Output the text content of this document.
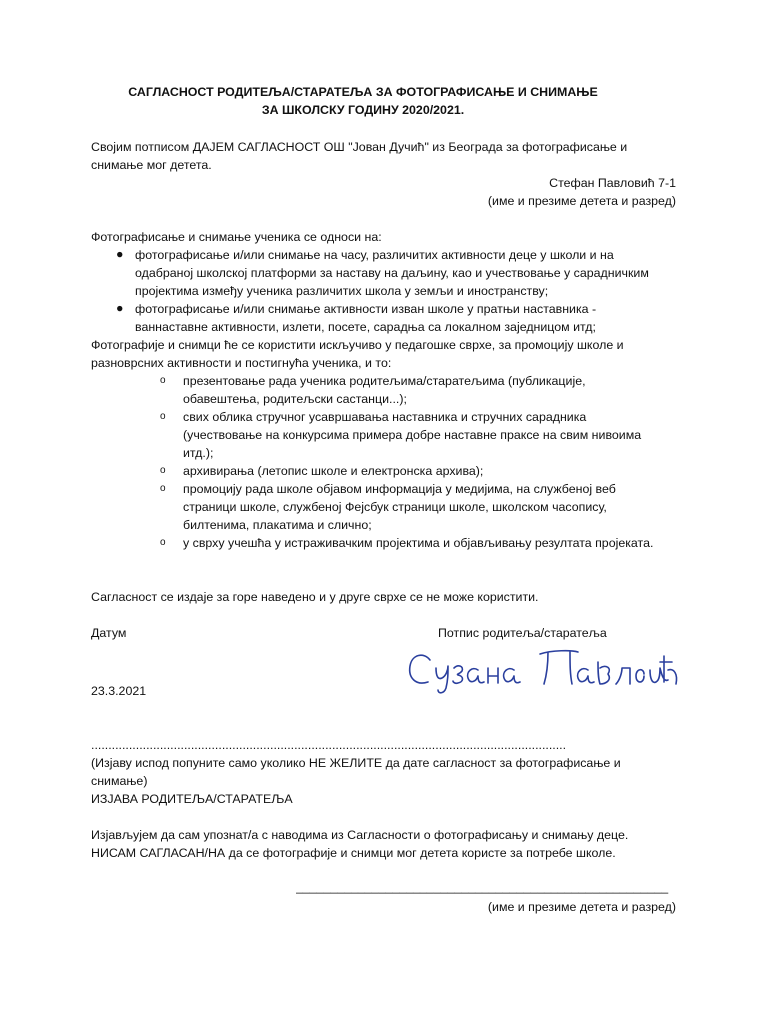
САГЛАСНОСТ РОДИТЕЉА/СТАРАТЕЉА ЗА ФОТОГРАФИСАЊЕ И СНИМАЊЕ
ЗА ШКОЛСКУ ГОДИНУ 2020/2021.
Својим потписом ДАЈЕМ САГЛАСНОСТ ОШ "Јован Дучић" из Београда за фотографисање и
снимање мог детета.
Стефан Павловић 7-1
(име и презиме детета и разред)
Фотографисање и снимање ученика се односи на:
● фотографисање и/или снимање на часу, различитих активности деце у школи и на
одабраној школској платформи за наставу на даљину, као и учествовање у сарадничким
пројектима између ученика различитих школа у земљи и иностранству;
● фотографисање и/или снимање активности изван школе у пратњи наставника -
ваннаставне активности, излети, посете, сарадња са локалном заједницом итд;
Фотографије и снимци ће се користити искључиво у педагошке сврхе, за промоцију школе и
разноврсних активности и постигнућа ученика, и то:
o презентовање рада ученика родитељима/старатељима (публикације,
обавештења, родитељски састанци...);
o свих облика стручног усавршавања наставника и стручних сарадника
(учествовање на конкурсима примера добре наставне праксе на свим нивоима
итд.);
o архивирања (летопис школе и електронска архива);
o промоцију рада школе објавом информација у медијима, на службеној веб
страници школе, службеној Фејсбук страници школе, школском часопису,
билтенима, плакатима и слично;
o у сврху учешћа у истраживачким пројектима и објављивању резултата пројеката.
Сагласност се издаје за горе наведено и у друге сврхе се не може користити.
Датум	Потпис родитеља/старатеља
23.3.2021
..........................................................................................................................................
(Изјаву испод попуните само уколико НЕ ЖЕЛИТЕ да дате сагласност за фотографисање и
снимање)
ИЗЈАВА РОДИТЕЉА/СТАРАТЕЉА
Изјављујем да сам упознат/а с наводима из Сагласности о фотографисању и снимању деце.
НИСАМ САГЛАСАН/НА да се фотографије и снимци мог детета користе за потребе школе.
______________________________________________________
(име и презиме детета и разред)
